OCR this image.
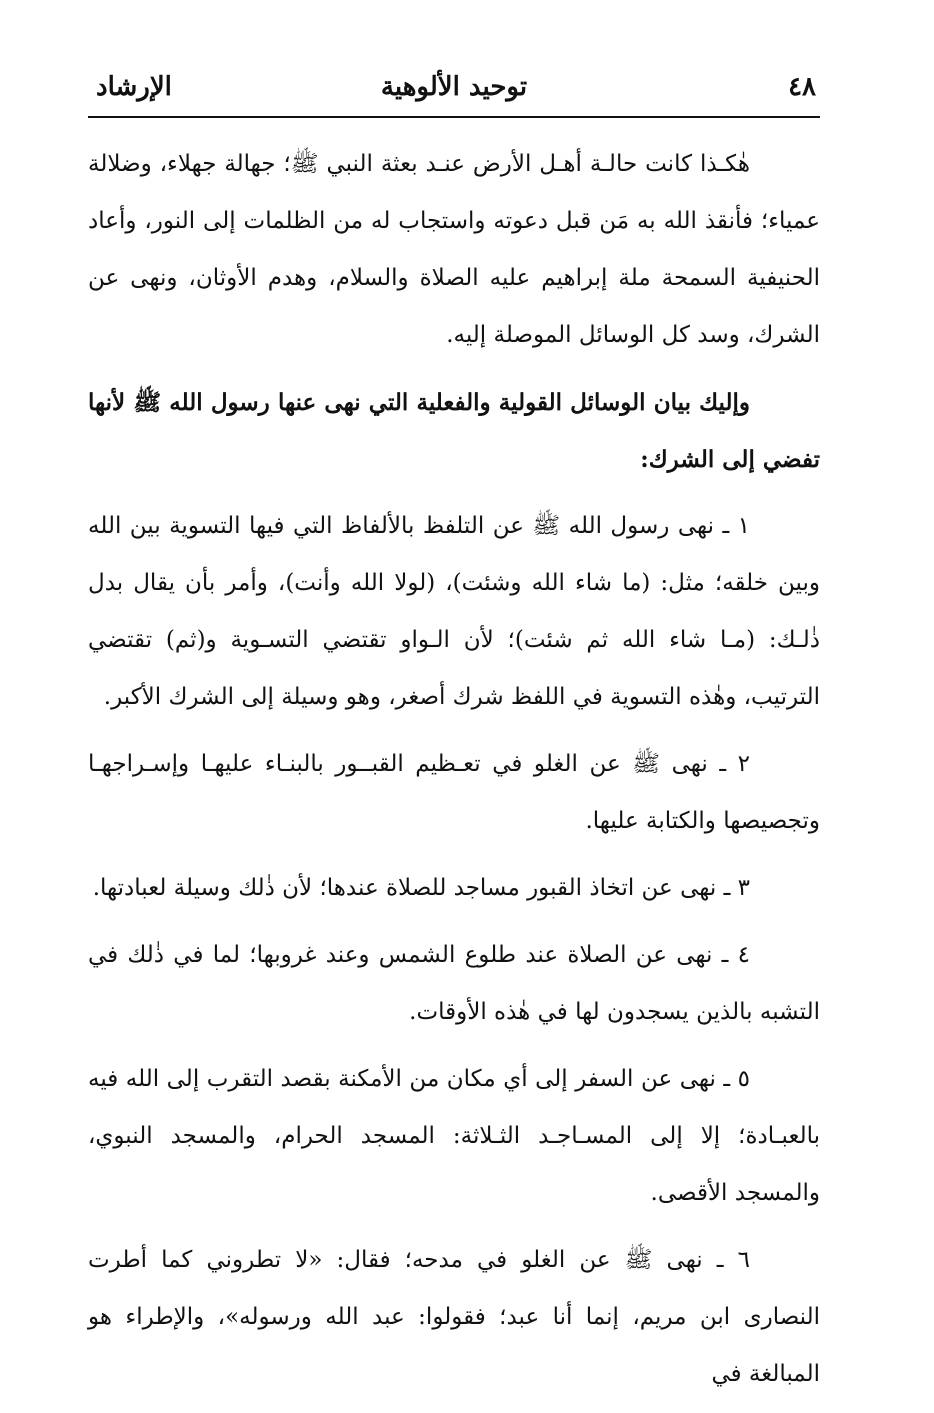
٤٨
توحيد الألوهية
الإرشاد

هٰكـذا كانت حالـة أهـل الأرض عنـد بعثة النبي ﷺ؛ جهالة جهلاء، وضلالة عمياء؛ فأنقذ الله به مَن قبل دعوته واستجاب له من الظلمات إلى النور، وأعاد الحنيفية السمحة ملة إبراهيم عليه الصلاة والسلام، وهدم الأوثان، ونهى عن الشرك، وسد كل الوسائل الموصلة إليه.

وإليك بيان الوسائل القولية والفعلية التي نهى عنها رسول الله ﷺ لأنها تفضي إلى الشرك:

١ ـ نهى رسول الله ﷺ عن التلفظ بالألفاظ التي فيها التسوية بين الله وبين خلقه؛ مثل: (ما شاء الله وشئت)، (لولا الله وأنت)، وأمر بأن يقال بدل ذٰلـك: (مـا شاء الله ثم شئت)؛ لأن الـواو تقتضي التسـوية و(ثم) تقتضي الترتيب، وهٰذه التسوية في اللفظ شرك أصغر، وهو وسيلة إلى الشرك الأكبر.

٢ ـ نهى ﷺ عن الغلو في تعـظيم القبــور بالبنـاء عليهـا وإسـراجهـا وتجصيصها والكتابة عليها.

٣ ـ نهى عن اتخاذ القبور مساجد للصلاة عندها؛ لأن ذٰلك وسيلة لعبادتها.

٤ ـ نهى عن الصلاة عند طلوع الشمس وعند غروبها؛ لما في ذٰلك في التشبه بالذين يسجدون لها في هٰذه الأوقات.

٥ ـ نهى عن السفر إلى أي مكان من الأمكنة بقصد التقرب إلى الله فيه بالعبـادة؛ إلا إلى المسـاجـد الثـلاثة: المسجد الحرام، والمسجد النبوي، والمسجد الأقصى.

٦ ـ نهى ﷺ عن الغلو في مدحه؛ فقال: «لا تطروني كما أطرت النصارى ابن مريم، إنما أنا عبد؛ فقولوا: عبد الله ورسوله»، والإطراء هو المبالغة في
